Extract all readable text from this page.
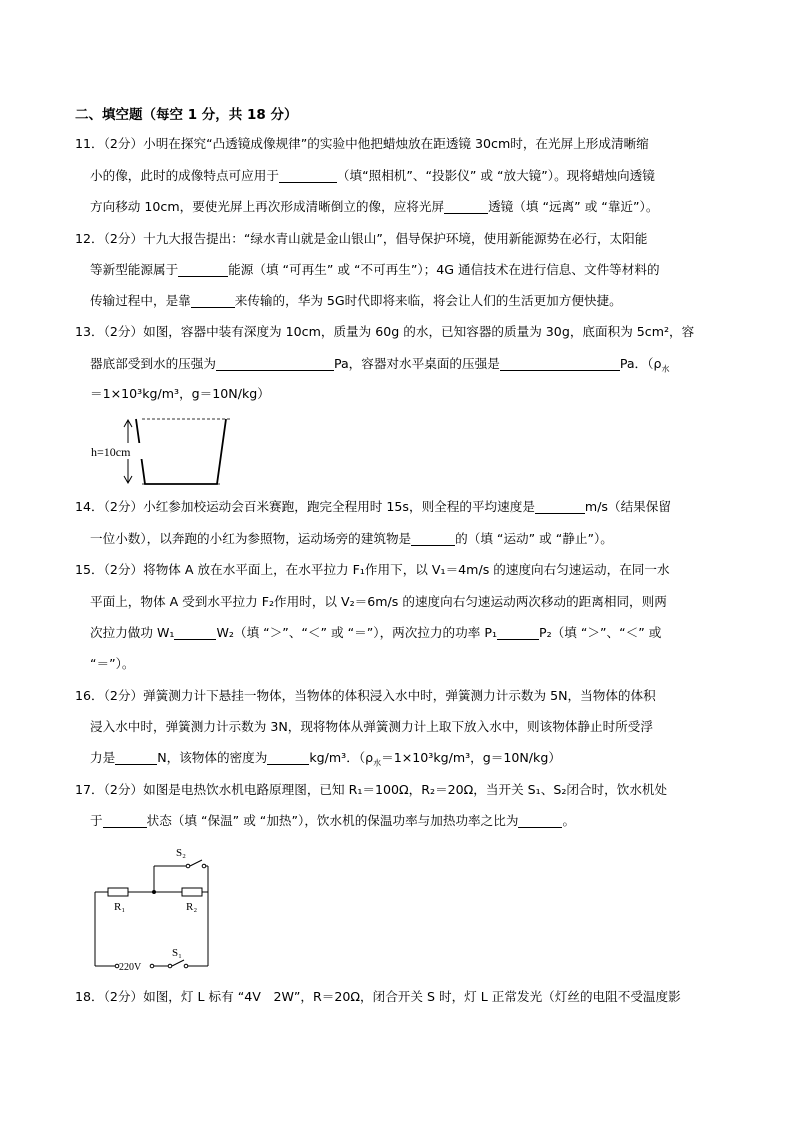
二、填空题（每空 1 分，共 18 分）
11．（2分）小明在探究“凸透镜成像规律”的实验中他把蜡烛放在距透镜 30cm时，在光屏上形成清晰缩
小的像，此时的成像特点可应用于	（填“照相机”、“投影仪” 或 “放大镜”）。现将蜡烛向透镜
方向移动 10cm，要使光屏上再次形成清晰倒立的像，应将光屏	透镜（填 “远离” 或 “靠近”）。
12．（2分）十九大报告提出：“绿水青山就是金山银山”，倡导保护环境，使用新能源势在必行，太阳能
等新型能源属于	能源（填 “可再生” 或 “不可再生”）；4G 通信技术在进行信息、文件等材料的
传输过程中，是靠	来传输的，华为 5G时代即将来临，将会让人们的生活更加方便快捷。
13．（2分）如图，容器中装有深度为 10cm，质量为 60g 的水，已知容器的质量为 30g，底面积为 5cm²，容
器底部受到水的压强为	Pa，容器对水平桌面的压强是	Pa．（$\rho_水$
＝1×10³kg/m³，g＝10N/kg）
h=10cm
14．（2分）小红参加校运动会百米赛跑，跑完全程用时 15s，则全程的平均速度是	m/s（结果保留
一位小数），以奔跑的小红为参照物，运动场旁的建筑物是	的（填 “运动” 或 “静止”）。
15．（2分）将物体 A 放在水平面上，在水平拉力 F₁作用下，以 V₁＝4m/s 的速度向右匀速运动，在同一水
平面上，物体 A 受到水平拉力 F₂作用时，以 V₂＝6m/s 的速度向右匀速运动两次移动的距离相同，则两
次拉力做功 W₁	W₂（填 “＞”、“＜” 或 “＝”），两次拉力的功率 P₁	P₂（填 “＞”、“＜” 或
“＝”）。
16．（2分）弹簧测力计下悬挂一物体，当物体的体积浸入水中时，弹簧测力计示数为 5N，当物体的体积
浸入水中时，弹簧测力计示数为 3N，现将物体从弹簧测力计上取下放入水中，则该物体静止时所受浮
力是	N，该物体的密度为	kg/m³．（$\rho_水=1\times 10^3kg/m^3$，g＝10N/kg）
17．（2分）如图是电热饮水机电路原理图，已知 R₁＝100Ω，R₂＝20Ω，当开关 S₁、S₂闭合时，饮水机处
于	状态（填 “保温” 或 “加热”），饮水机的保温功率与加热功率之比为	。
S₂
R₁	R₂
S₁
220V
18．（2分）如图，灯 L 标有 “4V　2W”，R＝20Ω，闭合开关 S 时，灯 L 正常发光（灯丝的电阻不受温度影
